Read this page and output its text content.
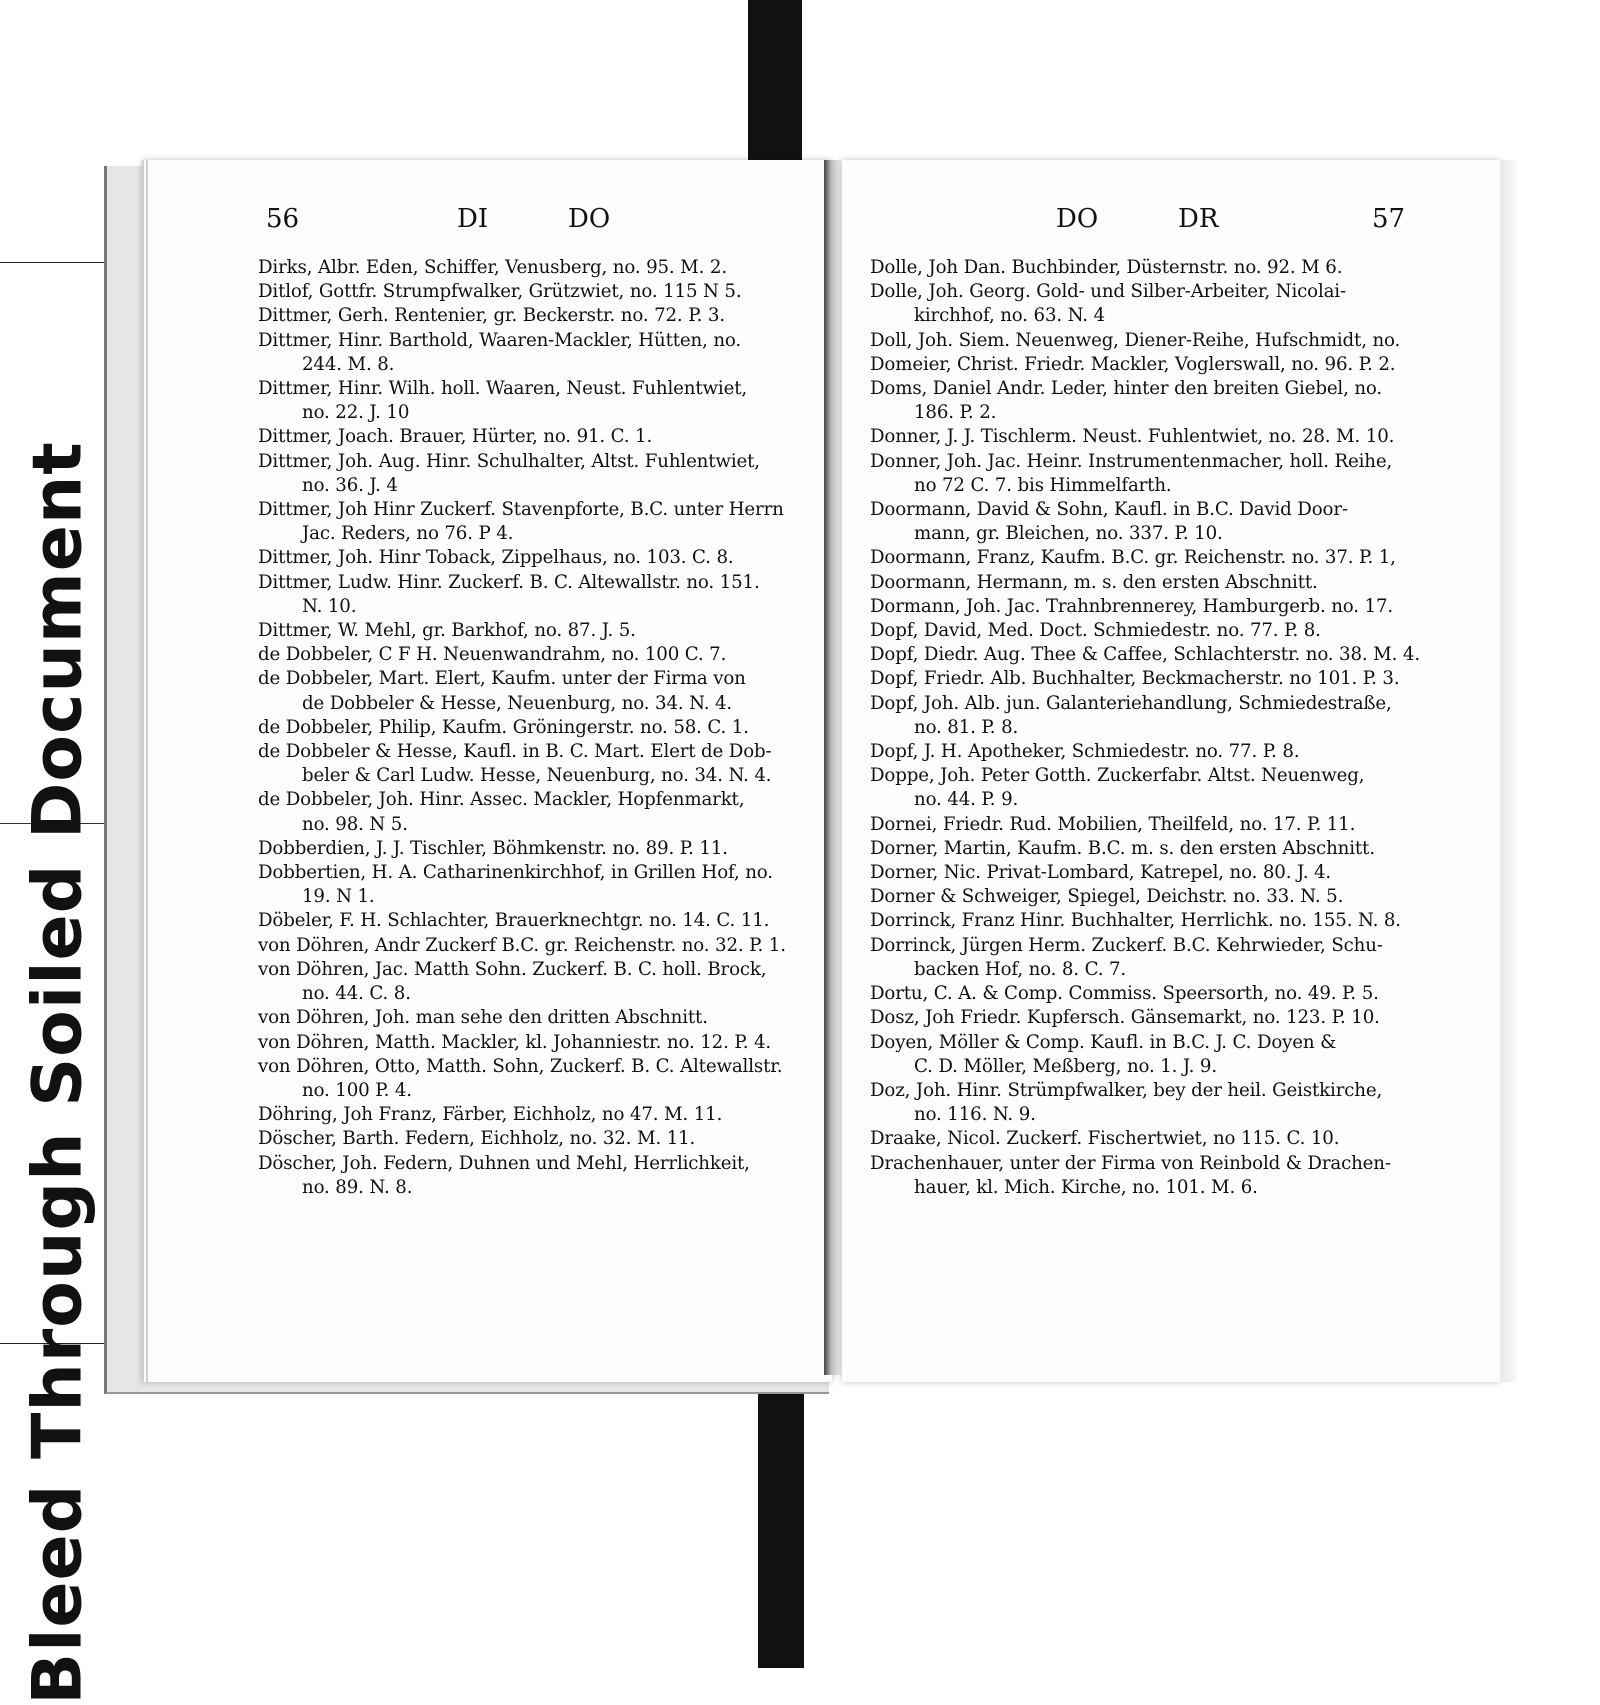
Bleed Through Soiled Document
56	DI	DO
Dirks, Albr. Eden, Schiffer, Venusberg, no. 95. M. 2.
Ditlof, Gottfr. Strumpfwalker, Grützwiet, no. 115 N 5.
Dittmer, Gerh. Rentenier, gr. Beckerstr. no. 72. P. 3.
Dittmer, Hinr. Barthold, Waaren-Mackler, Hütten, no.
244. M. 8.
Dittmer, Hinr. Wilh. holl. Waaren, Neust. Fuhlentwiet,
no. 22. J. 10
Dittmer, Joach. Brauer, Hürter, no. 91. C. 1.
Dittmer, Joh. Aug. Hinr. Schulhalter, Altst. Fuhlentwiet,
no. 36. J. 4
Dittmer, Joh Hinr Zuckerf. Stavenpforte, B.C. unter Herrn
Jac. Reders, no 76. P 4.
Dittmer, Joh. Hinr Toback, Zippelhaus, no. 103. C. 8.
Dittmer, Ludw. Hinr. Zuckerf. B. C. Altewallstr. no. 151.
N. 10.
Dittmer, W. Mehl, gr. Barkhof, no. 87. J. 5.
de Dobbeler, C F H. Neuenwandrahm, no. 100 C. 7.
de Dobbeler, Mart. Elert, Kaufm. unter der Firma von
de Dobbeler & Hesse, Neuenburg, no. 34. N. 4.
de Dobbeler, Philip, Kaufm. Gröningerstr. no. 58. C. 1.
de Dobbeler & Hesse, Kaufl. in B. C. Mart. Elert de Dob-
beler & Carl Ludw. Hesse, Neuenburg, no. 34. N. 4.
de Dobbeler, Joh. Hinr. Assec. Mackler, Hopfenmarkt,
no. 98. N 5.
Dobberdien, J. J. Tischler, Böhmkenstr. no. 89. P. 11.
Dobbertien, H. A. Catharinenkirchhof, in Grillen Hof, no.
19. N 1.
Döbeler, F. H. Schlachter, Brauerknechtgr. no. 14. C. 11.
von Döhren, Andr Zuckerf B.C. gr. Reichenstr. no. 32. P. 1.
von Döhren, Jac. Matth Sohn. Zuckerf. B. C. holl. Brock,
no. 44. C. 8.
von Döhren, Joh. man sehe den dritten Abschnitt.
von Döhren, Matth. Mackler, kl. Johanniestr. no. 12. P. 4.
von Döhren, Otto, Matth. Sohn, Zuckerf. B. C. Altewallstr.
no. 100 P. 4.
Döhring, Joh Franz, Färber, Eichholz, no 47. M. 11.
Döscher, Barth. Federn, Eichholz, no. 32. M. 11.
Döscher, Joh. Federn, Duhnen und Mehl, Herrlichkeit,
no. 89. N. 8.
DO	DR	57
Dolle, Joh Dan. Buchbinder, Düsternstr. no. 92. M 6.
Dolle, Joh. Georg. Gold- und Silber-Arbeiter, Nicolai-
kirchhof, no. 63. N. 4
Doll, Joh. Siem. Neuenweg, Diener-Reihe, Hufschmidt, no.
Domeier, Christ. Friedr. Mackler, Voglerswall, no. 96. P. 2.
Doms, Daniel Andr. Leder, hinter den breiten Giebel, no.
186. P. 2.
Donner, J. J. Tischlerm. Neust. Fuhlentwiet, no. 28. M. 10.
Donner, Joh. Jac. Heinr. Instrumentenmacher, holl. Reihe,
no 72 C. 7. bis Himmelfarth.
Doormann, David & Sohn, Kaufl. in B.C. David Door-
mann, gr. Bleichen, no. 337. P. 10.
Doormann, Franz, Kaufm. B.C. gr. Reichenstr. no. 37. P. 1,
Doormann, Hermann, m. s. den ersten Abschnitt.
Dormann, Joh. Jac. Trahnbrennerey, Hamburgerb. no. 17.
Dopf, David, Med. Doct. Schmiedestr. no. 77. P. 8.
Dopf, Diedr. Aug. Thee & Caffee, Schlachterstr. no. 38. M. 4.
Dopf, Friedr. Alb. Buchhalter, Beckmacherstr. no 101. P. 3.
Dopf, Joh. Alb. jun. Galanteriehandlung, Schmiedestraße,
no. 81. P. 8.
Dopf, J. H. Apotheker, Schmiedestr. no. 77. P. 8.
Doppe, Joh. Peter Gotth. Zuckerfabr. Altst. Neuenweg,
no. 44. P. 9.
Dornei, Friedr. Rud. Mobilien, Theilfeld, no. 17. P. 11.
Dorner, Martin, Kaufm. B.C. m. s. den ersten Abschnitt.
Dorner, Nic. Privat-Lombard, Katrepel, no. 80. J. 4.
Dorner & Schweiger, Spiegel, Deichstr. no. 33. N. 5.
Dorrinck, Franz Hinr. Buchhalter, Herrlichk. no. 155. N. 8.
Dorrinck, Jürgen Herm. Zuckerf. B.C. Kehrwieder, Schu-
backen Hof, no. 8. C. 7.
Dortu, C. A. & Comp. Commiss. Speersorth, no. 49. P. 5.
Dosz, Joh Friedr. Kupfersch. Gänsemarkt, no. 123. P. 10.
Doyen, Möller & Comp. Kaufl. in B.C. J. C. Doyen &
C. D. Möller, Meßberg, no. 1. J. 9.
Doz, Joh. Hinr. Strümpfwalker, bey der heil. Geistkirche,
no. 116. N. 9.
Draake, Nicol. Zuckerf. Fischertwiet, no 115. C. 10.
Drachenhauer, unter der Firma von Reinbold & Drachen-
hauer, kl. Mich. Kirche, no. 101. M. 6.
